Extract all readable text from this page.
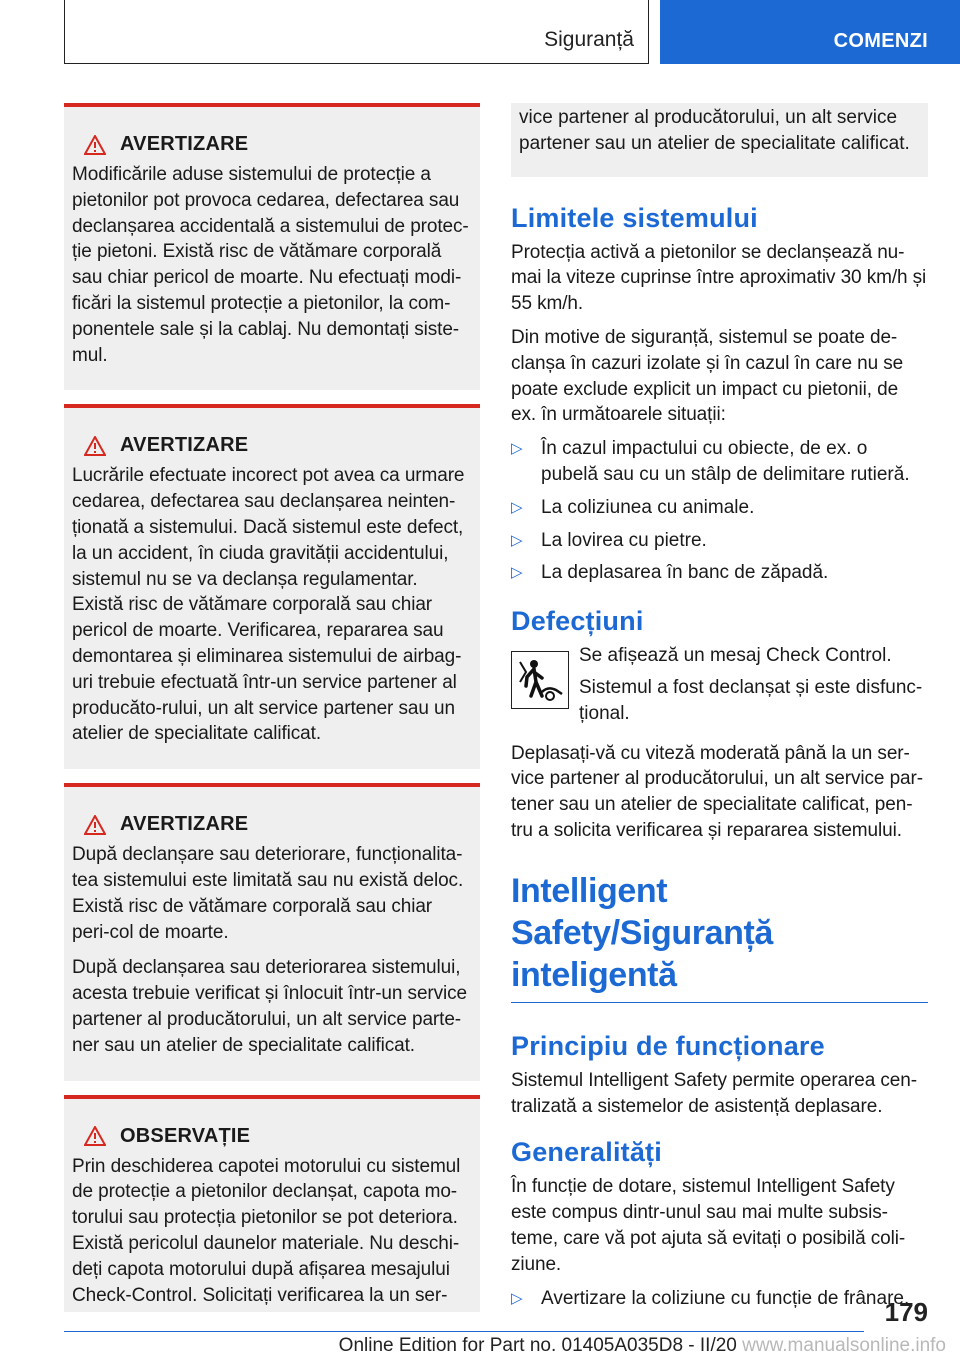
Siguranță	COMENZI
AVERTIZARE

Modificările aduse sistemului de protecție a pietonilor pot provoca cedarea, defectarea sau declanșarea accidentală a sistemului de protec-ție pietoni. Există risc de vătămare corporală sau chiar pericol de moarte. Nu efectuați modi-ficări la sistemul protecție a pietonilor, la com-ponentele sale și la cablaj. Nu demontați siste-mul.

AVERTIZARE

Lucrările efectuate incorect pot avea ca urmare cedarea, defectarea sau declanșarea neinten-ționată a sistemului. Dacă sistemul este defect, la un accident, în ciuda gravității accidentului, sistemul nu se va declanșa regulamentar. Există risc de vătămare corporală sau chiar pericol de moarte. Verificarea, repararea sau demontarea și eliminarea sistemului de airbag-uri trebuie efectuată într-un service partener al producăto-rului, un alt service partener sau un atelier de specialitate calificat.

AVERTIZARE

După declanșare sau deteriorare, funcționalita-tea sistemului este limitată sau nu există deloc. Există risc de vătămare corporală sau chiar peri-col de moarte.

După declanșarea sau deteriorarea sistemului, acesta trebuie verificat și înlocuit într-un service partener al producătorului, un alt service parte-ner sau un atelier de specialitate calificat.

OBSERVAȚIE

Prin deschiderea capotei motorului cu sistemul de protecție a pietonilor declanșat, capota mo-torului sau protecția pietonilor se pot deteriora. Există pericolul daunelor materiale. Nu deschi-deți capota motorului după afișarea mesajului Check-Control. Solicitați verificarea la un ser-

vice partener al producătorului, un alt service partener sau un atelier de specialitate calificat.

Limitele sistemului

Protecția activă a pietonilor se declanșează nu-mai la viteze cuprinse între aproximativ 30 km/h și 55 km/h.

Din motive de siguranță, sistemul se poate de-clanșa în cazuri izolate și în cazul în care nu se poate exclude explicit un impact cu pietonii, de ex. în următoarele situații:

▷ În cazul impactului cu obiecte, de ex. o pubelă sau cu un stâlp de delimitare rutieră.
▷ La coliziunea cu animale.
▷ La lovirea cu pietre.
▷ La deplasarea în banc de zăpadă.
Defecțiuni

Se afișează un mesaj Check Control.

Sistemul a fost declanșat și este disfunc-țional.

Deplasați-vă cu viteză moderată până la un ser-vice partener al producătorului, un alt service par-tener sau un atelier de specialitate calificat, pen-tru a solicita verificarea și repararea sistemului.

Intelligent Safety/Siguranță inteligentă
Principiu de funcționare

Sistemul Intelligent Safety permite operarea cen-tralizată a sistemelor de asistență deplasare.

Generalități

În funcție de dotare, sistemul Intelligent Safety este compus dintr-unul sau mai multe subsis-teme, care vă pot ajuta să evitați o posibilă coli-ziune.

▷ Avertizare la coliziune cu funcție de frânare.
179
Online Edition for Part no. 01405A035D8 - II/20 www.manualsonline.info
